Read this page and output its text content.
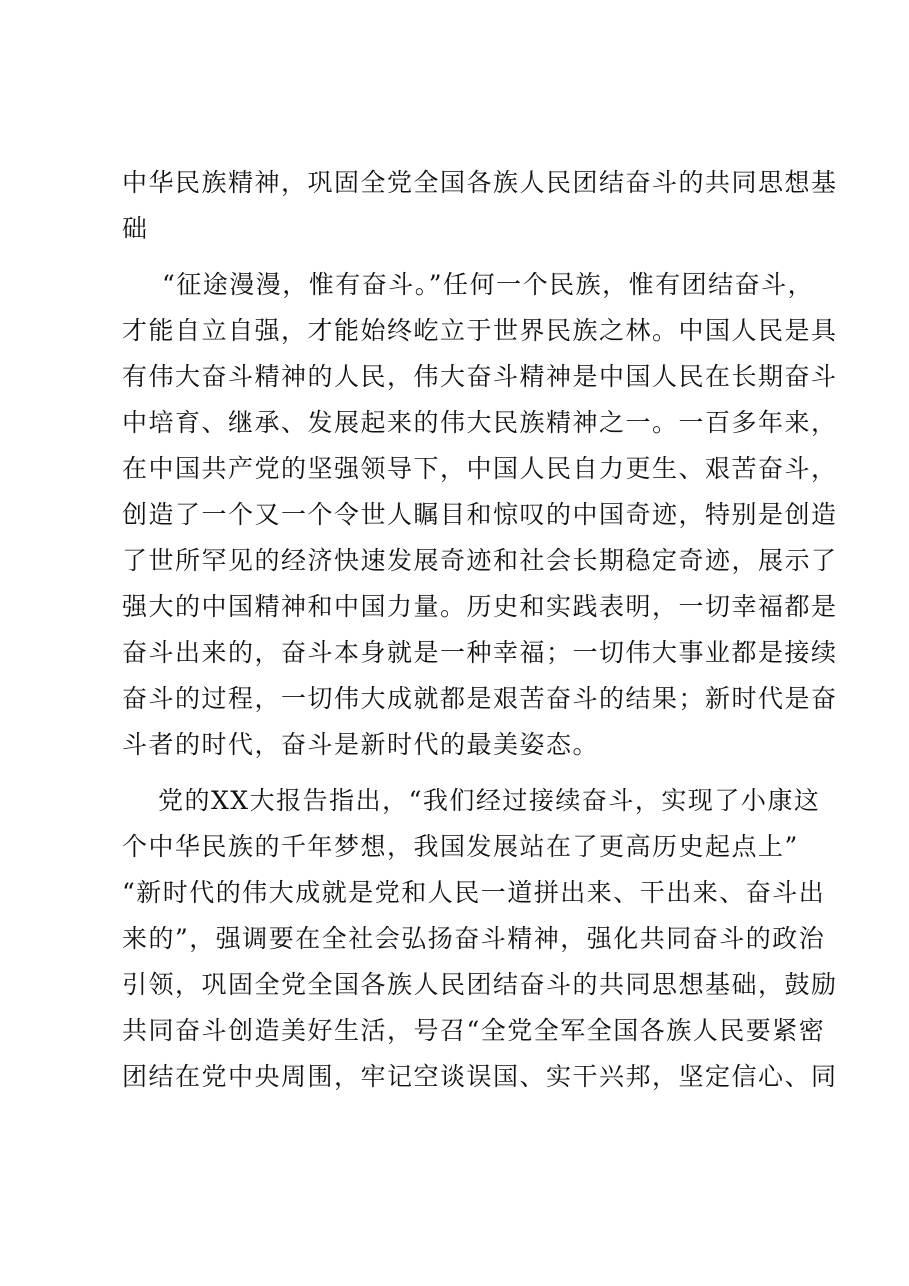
中华民族精神，巩固全党全国各族人民团结奋斗的共同思想基
础
“征途漫漫，惟有奋斗。”任何一个民族，惟有团结奋斗，
才能自立自强，才能始终屹立于世界民族之林。中国人民是具
有伟大奋斗精神的人民，伟大奋斗精神是中国人民在长期奋斗
中培育、继承、发展起来的伟大民族精神之一。一百多年来，
在中国共产党的坚强领导下，中国人民自力更生、艰苦奋斗，
创造了一个又一个令世人瞩目和惊叹的中国奇迹，特别是创造
了世所罕见的经济快速发展奇迹和社会长期稳定奇迹，展示了
强大的中国精神和中国力量。历史和实践表明，一切幸福都是
奋斗出来的，奋斗本身就是一种幸福；一切伟大事业都是接续
奋斗的过程，一切伟大成就都是艰苦奋斗的结果；新时代是奋
斗者的时代，奋斗是新时代的最美姿态。
党的XX大报告指出，“我们经过接续奋斗，实现了小康这
个中华民族的千年梦想，我国发展站在了更高历史起点上”
“新时代的伟大成就是党和人民一道拼出来、干出来、奋斗出
来的”，强调要在全社会弘扬奋斗精神，强化共同奋斗的政治
引领，巩固全党全国各族人民团结奋斗的共同思想基础，鼓励
共同奋斗创造美好生活，号召“全党全军全国各族人民要紧密
团结在党中央周围，牢记空谈误国、实干兴邦，坚定信心、同
